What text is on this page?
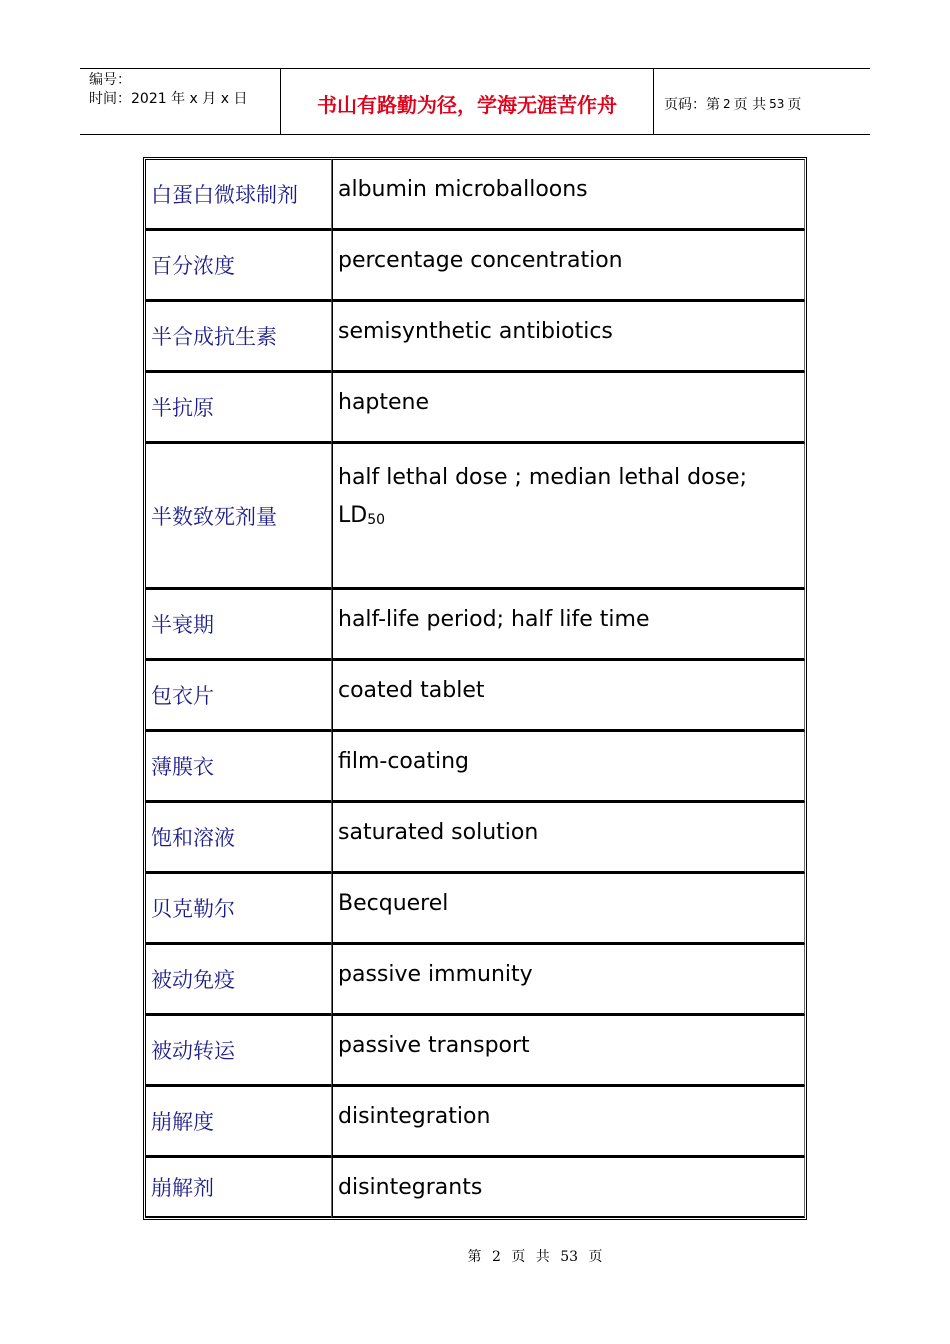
编号：
时间：2021 年 x 月 x 日	书山有路勤为径，学海无涯苦作舟	页码：第 2 页 共 53 页
白蛋白微球制剂	albumin microballoons
百分浓度	percentage concentration
半合成抗生素	semisynthetic antibiotics
半抗原	haptene
半数致死剂量	half lethal dose ; median lethal dose;
$LD_{50}$

半衰期	half-life period; half life time
包衣片	coated tablet
薄膜衣	film-coating
饱和溶液	saturated solution
贝克勒尔	Becquerel
被动免疫	passive immunity
被动转运	passive transport
崩解度	disintegration
崩解剂	disintegrants
第 2 页 共 53 页
